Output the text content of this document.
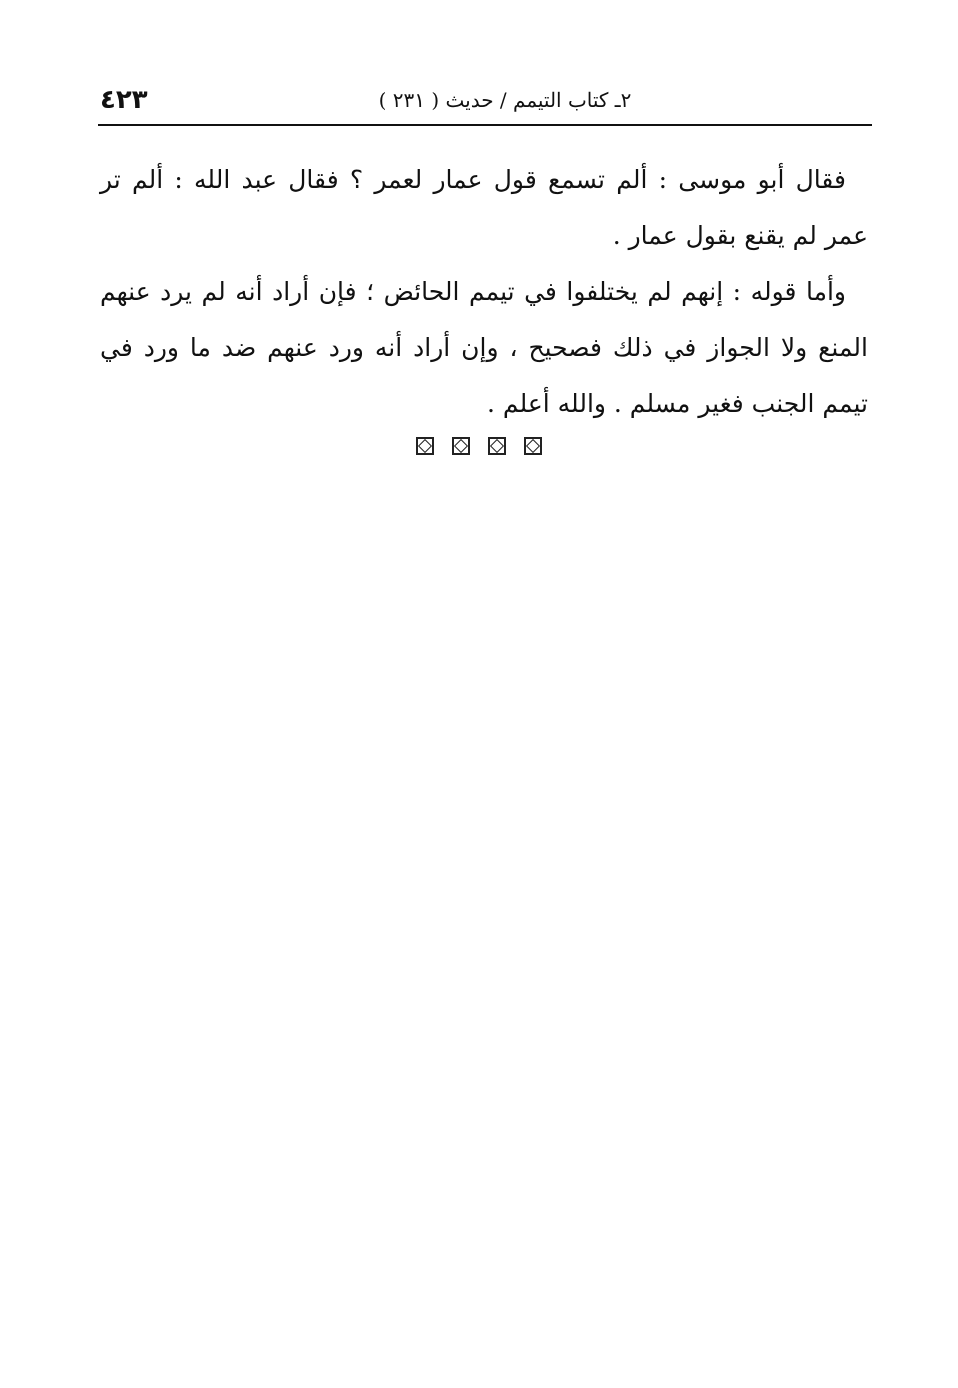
٤٢٣	٢ـ كتاب التيمم / حديث ( ٢٣١ )

فقال أبو موسى : ألم تسمع قول عمار لعمر ؟ فقال عبد الله : ألم تر عمر لم يقنع بقول عمار .

وأما قوله : إنهم لم يختلفوا في تيمم الحائض ؛ فإن أراد أنه لم يرد عنهم المنع ولا الجواز في ذلك فصحيح ، وإن أراد أنه ورد عنهم ضد ما ورد في تيمم الجنب فغير مسلم . والله أعلم .
